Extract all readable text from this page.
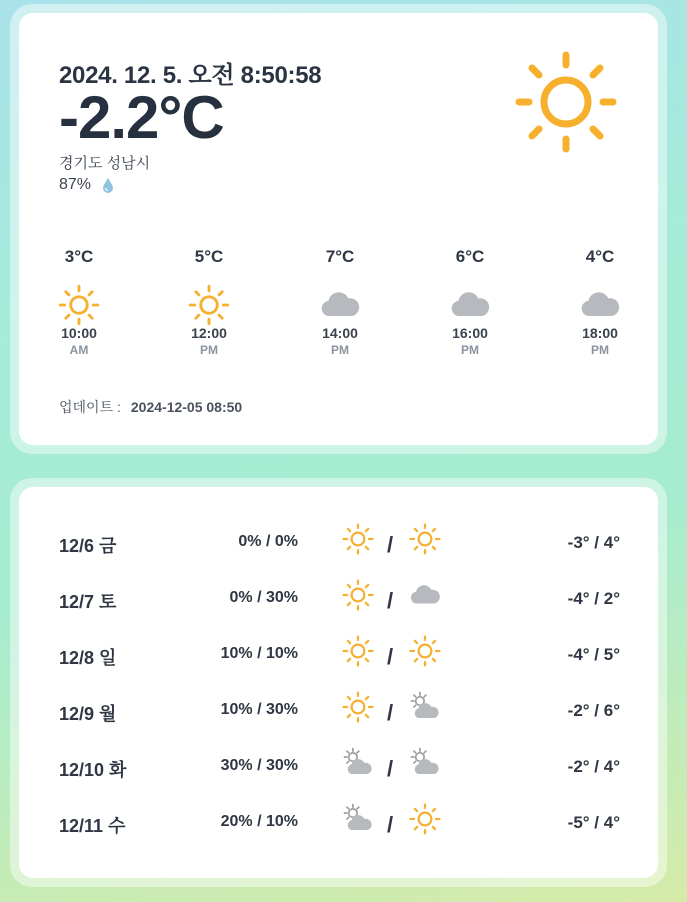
2024. 12. 5. 오전 8:50:58
-2.2°C
경기도 성남시
87%
3°C
10:00
AM
5°C
12:00
PM
7°C
14:00
PM
6°C
16:00
PM
4°C
18:00
PM
업데이트 : 2024-12-05 08:50
12/6 금	0% / 0%	/	-3° / 4°
12/7 토	0% / 30%	/	-4° / 2°
12/8 일	10% / 10%	/	-4° / 5°
12/9 월	10% / 30%	/	-2° / 6°
12/10 화	30% / 30%	/	-2° / 4°
12/11 수	20% / 10%	/	-5° / 4°
